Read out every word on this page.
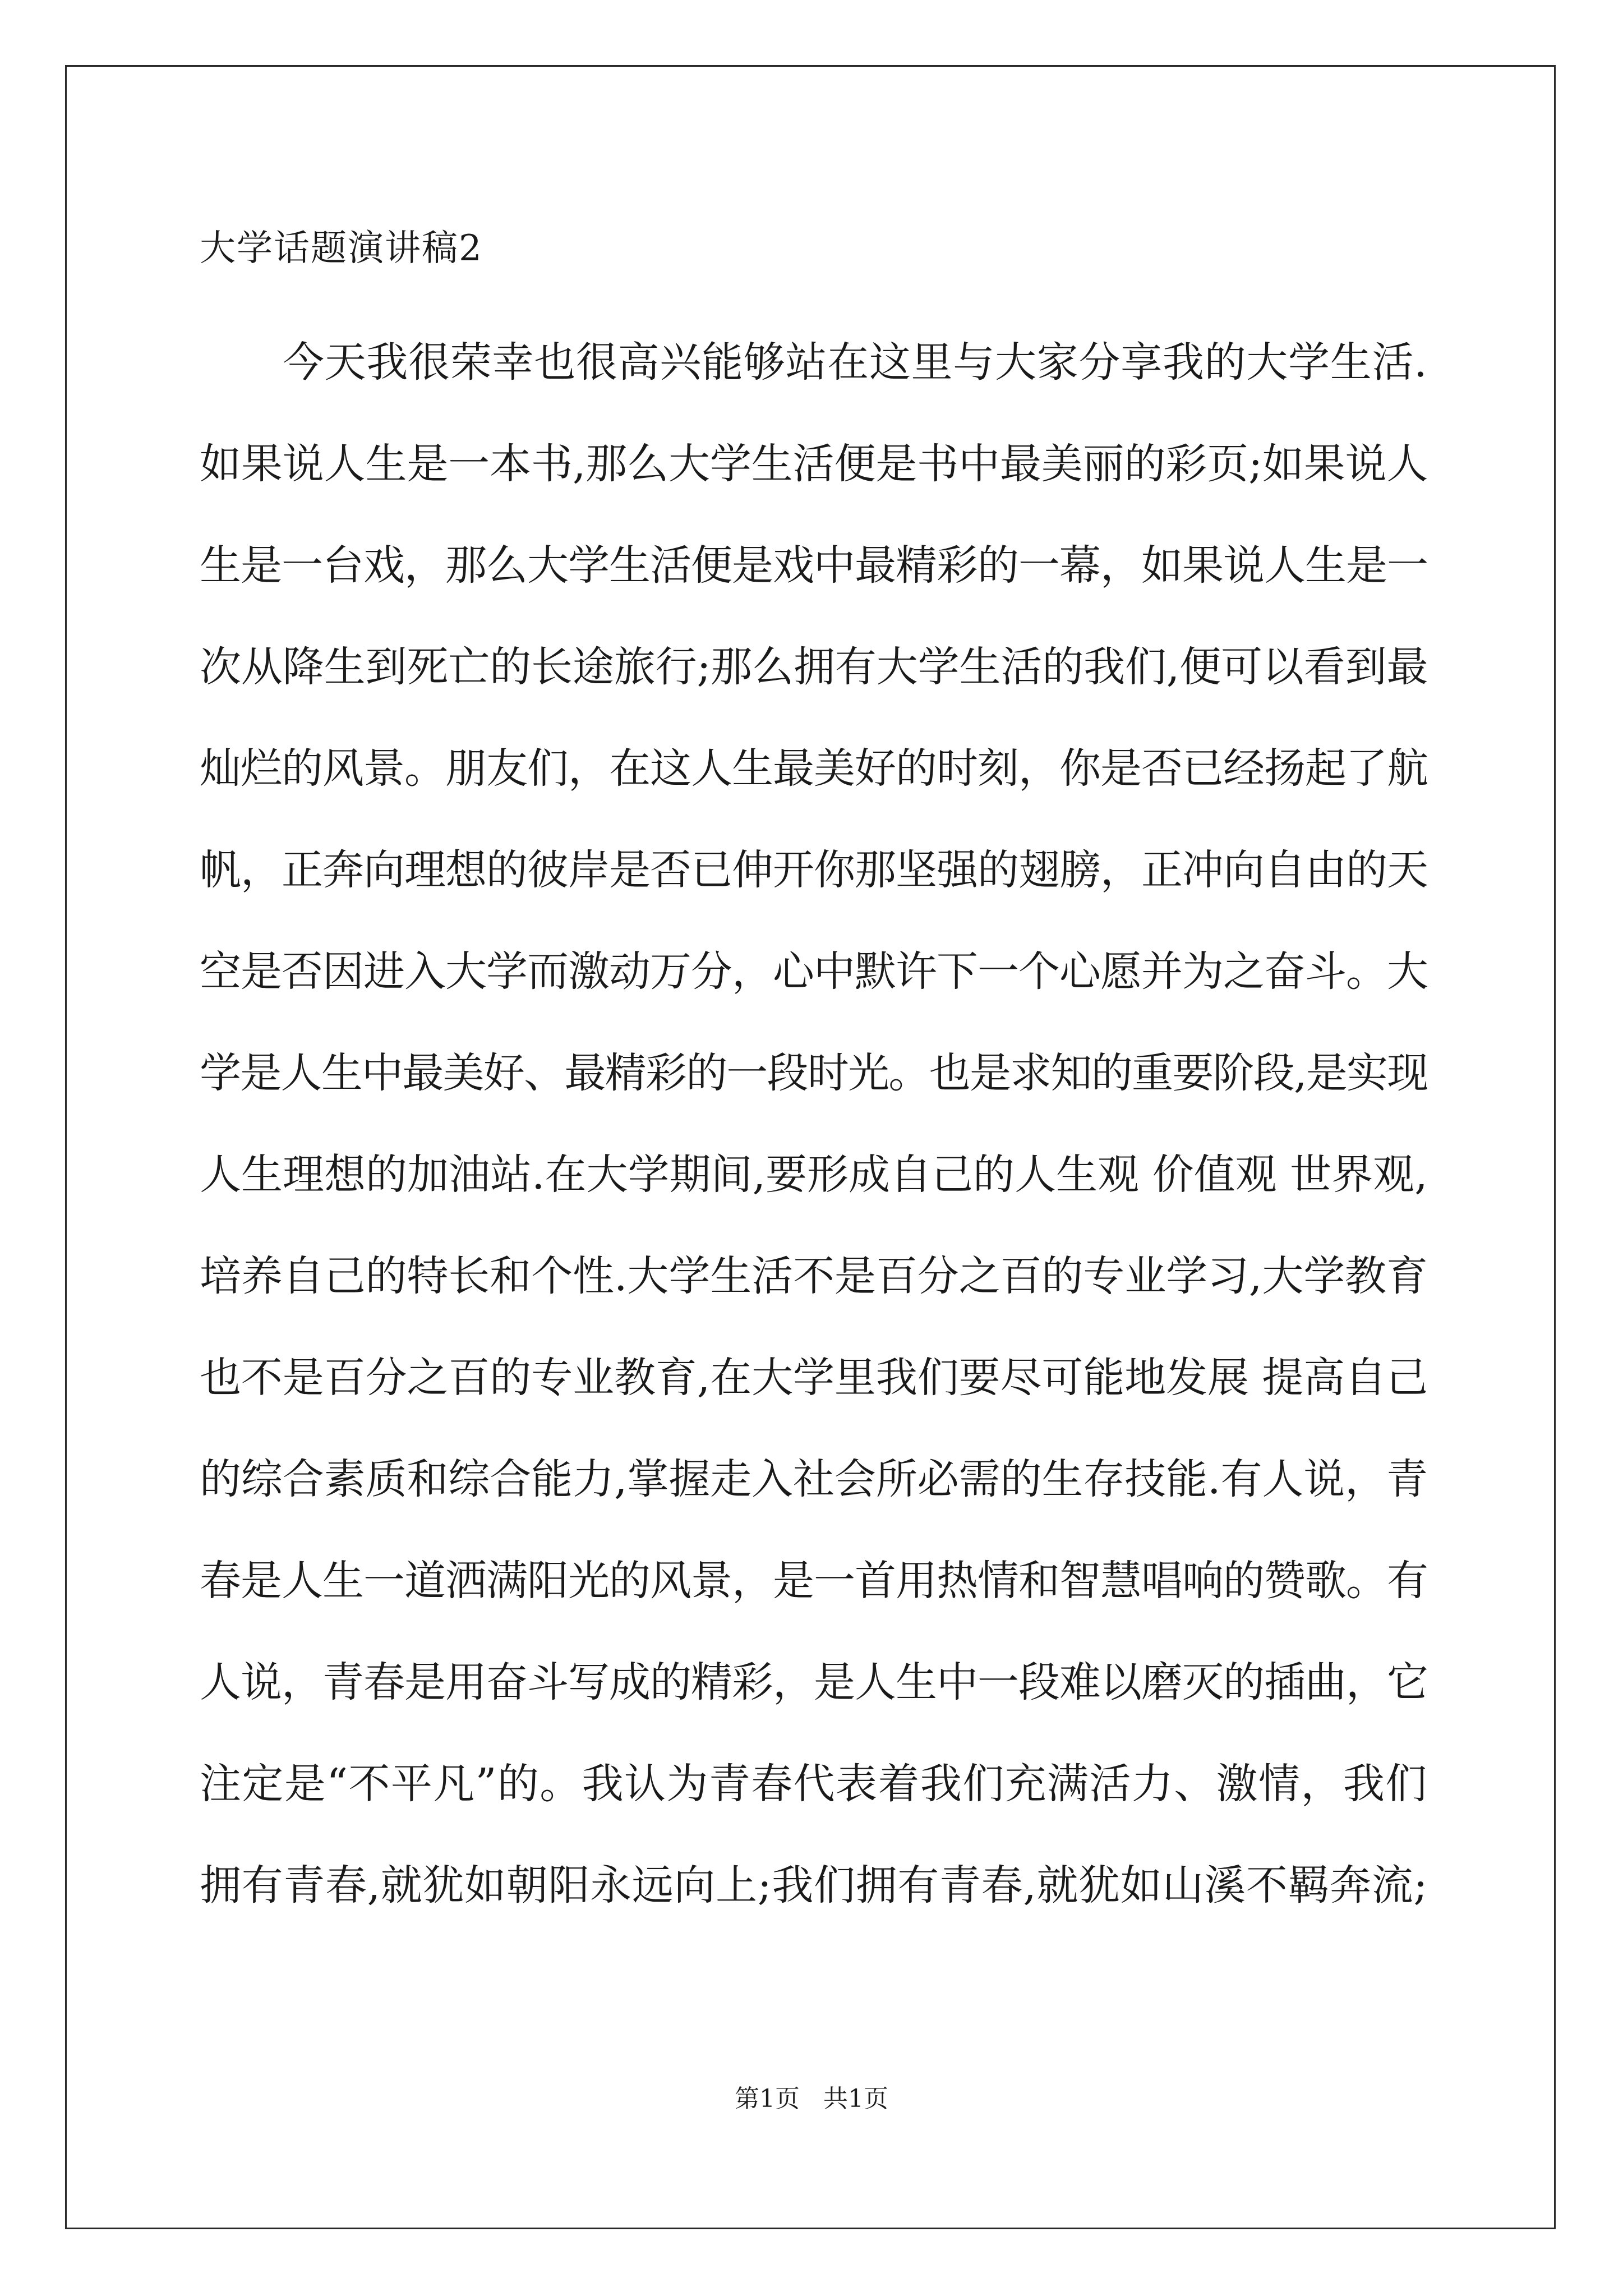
大学话题演讲稿2
今天我很荣幸也很高兴能够站在这里与大家分享我的大学生活.
如果说人生是一本书,那么大学生活便是书中最美丽的彩页;如果说人
生是一台戏，那么大学生活便是戏中最精彩的一幕，如果说人生是一
次从降生到死亡的长途旅行;那么拥有大学生活的我们,便可以看到最
灿烂的风景。朋友们，在这人生最美好的时刻，你是否已经扬起了航
帆，正奔向理想的彼岸是否已伸开你那坚强的翅膀，正冲向自由的天
空是否因进入大学而激动万分，心中默许下一个心愿并为之奋斗。大
学是人生中最美好、最精彩的一段时光。也是求知的重要阶段,是实现
人生理想的加油站.在大学期间,要形成自己的人生观 价值观 世界观,
培养自己的特长和个性.大学生活不是百分之百的专业学习,大学教育
也不是百分之百的专业教育,在大学里我们要尽可能地发展 提高自己
的综合素质和综合能力,掌握走入社会所必需的生存技能.有人说，青
春是人生一道洒满阳光的风景，是一首用热情和智慧唱响的赞歌。有
人说，青春是用奋斗写成的精彩，是人生中一段难以磨灭的插曲，它
注定是“不平凡”的。我认为青春代表着我们充满活力、激情，我们
拥有青春,就犹如朝阳永远向上;我们拥有青春,就犹如山溪不羁奔流;
第1页   共1页
